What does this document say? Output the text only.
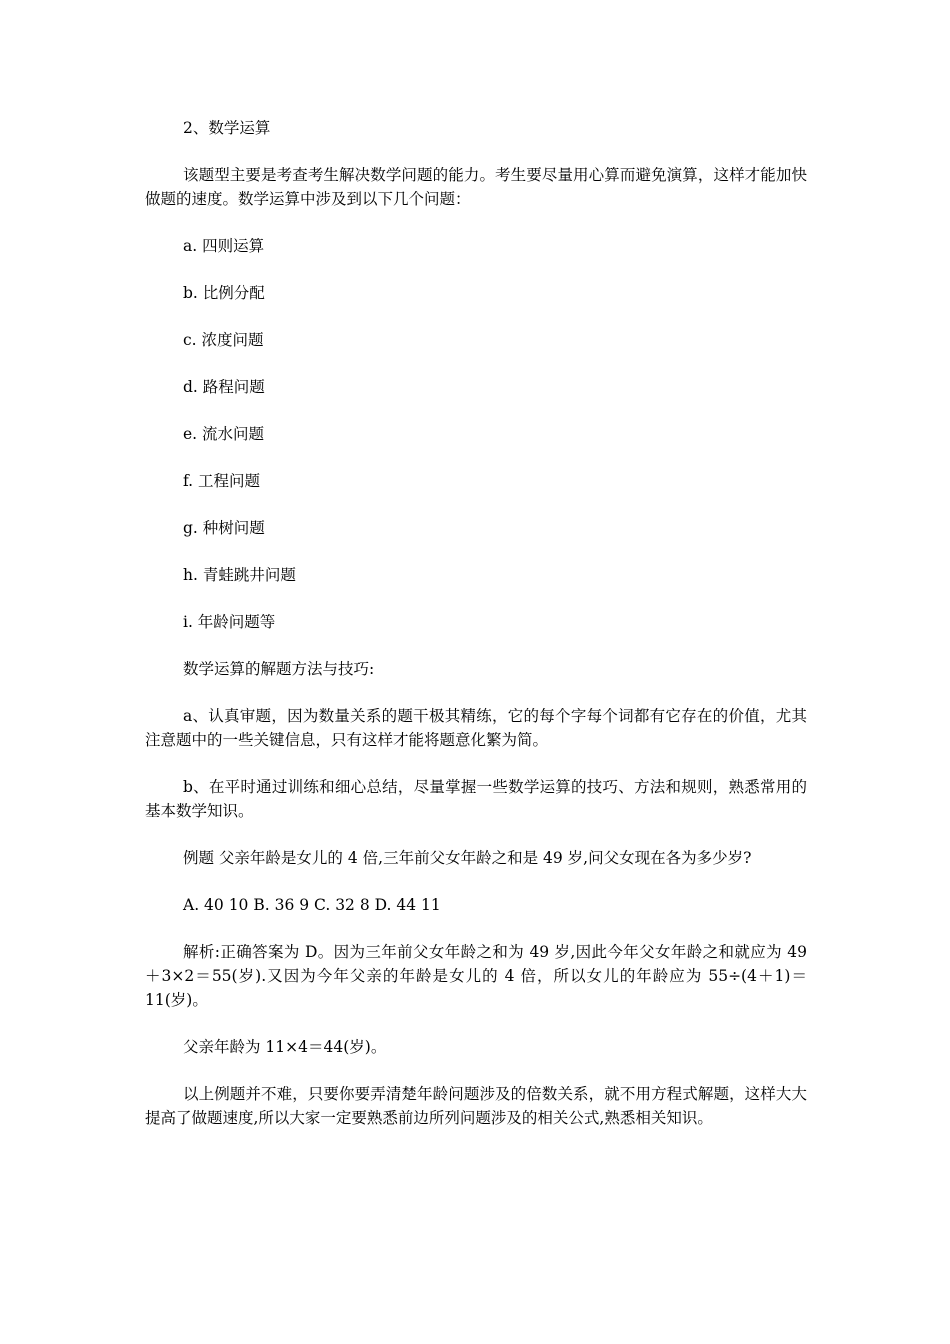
2、数学运算

该题型主要是考查考生解决数学问题的能力。考生要尽量用心算而避免演算，这样才能加快做题的速度。数学运算中涉及到以下几个问题：

a. 四则运算

b. 比例分配

c. 浓度问题

d. 路程问题

e. 流水问题

f. 工程问题

g. 种树问题

h. 青蛙跳井问题

i. 年龄问题等

数学运算的解题方法与技巧:

a、认真审题，因为数量关系的题干极其精练，它的每个字每个词都有它存在的价值，尤其注意题中的一些关键信息，只有这样才能将题意化繁为简。

b、在平时通过训练和细心总结，尽量掌握一些数学运算的技巧、方法和规则，熟悉常用的基本数学知识。

例题 父亲年龄是女儿的 4 倍,三年前父女年龄之和是 49 岁,问父女现在各为多少岁?

A. 40 10 B. 36 9 C. 32 8 D. 44 11

解析:正确答案为 D。因为三年前父女年龄之和为 49 岁,因此今年父女年龄之和就应为 49＋3×2＝55(岁).又因为今年父亲的年龄是女儿的 4 倍，所以女儿的年龄应为 55÷(4＋1)＝11(岁)。

父亲年龄为 11×4＝44(岁)。

以上例题并不难，只要你要弄清楚年龄问题涉及的倍数关系，就不用方程式解题，这样大大提高了做题速度,所以大家一定要熟悉前边所列问题涉及的相关公式,熟悉相关知识。
